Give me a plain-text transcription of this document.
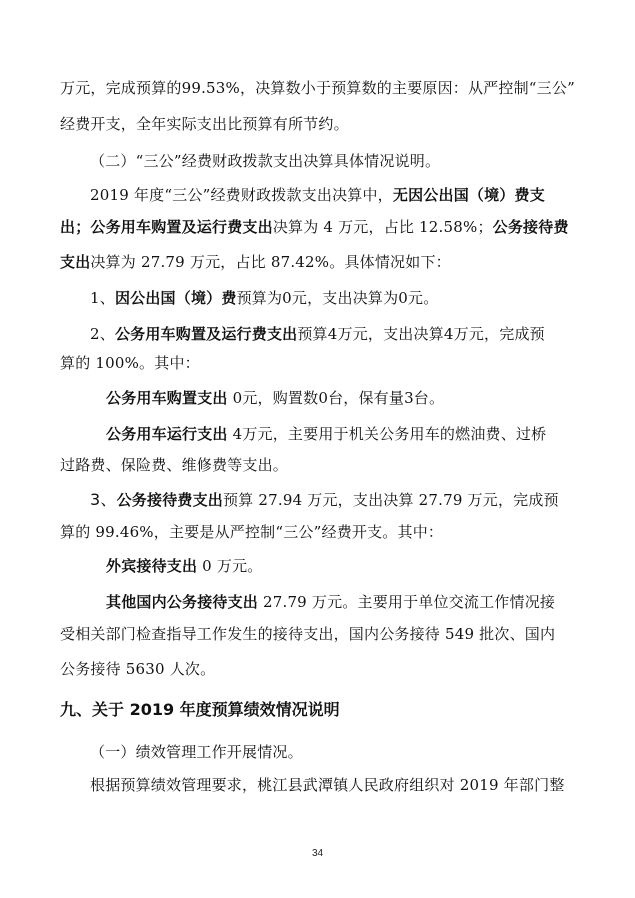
万元，完成预算的99.53%，决算数小于预算数的主要原因：从严控制“三公”
经费开支，全年实际支出比预算有所节约。
（二）“三公”经费财政拨款支出决算具体情况说明。
2019 年度“三公”经费财政拨款支出决算中，无因公出国（境）费支
出；公务用车购置及运行费支出决算为 4 万元，占比 12.58%；公务接待费
支出决算为 27.79 万元，占比 87.42%。具体情况如下：
1、因公出国（境）费预算为0元，支出决算为0元。
2、公务用车购置及运行费支出预算4万元，支出决算4万元，完成预
算的 100%。其中：
公务用车购置支出 0元，购置数0台，保有量3台。
公务用车运行支出 4万元，主要用于机关公务用车的燃油费、过桥
过路费、保险费、维修费等支出。
3、公务接待费支出预算 27.94 万元，支出决算 27.79 万元，完成预
算的 99.46%，主要是从严控制“三公”经费开支。其中：
外宾接待支出 0 万元。
其他国内公务接待支出 27.79 万元。主要用于单位交流工作情况接
受相关部门检查指导工作发生的接待支出，国内公务接待 549 批次、国内
公务接待 5630 人次。
九、关于 2019 年度预算绩效情况说明
（一）绩效管理工作开展情况。
根据预算绩效管理要求，桃江县武潭镇人民政府组织对 2019 年部门整
34
